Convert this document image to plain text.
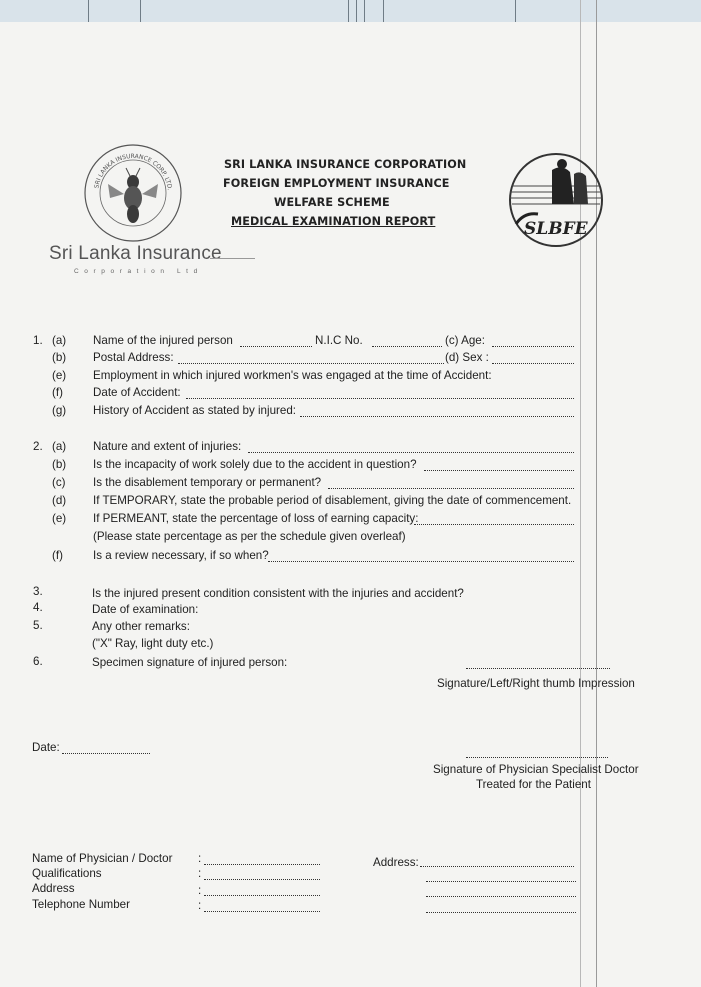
SRI LANKA INSURANCE CORP. LTD.
Sri Lanka Insurance
Corporation Ltd
SLBFE
SRI LANKA INSURANCE CORPORATION
FOREIGN EMPLOYMENT INSURANCE
WELFARE SCHEME
MEDICAL EXAMINATION REPORT
1. (a) Name of the injured person	N.I.C No.	(c) Age:
(b) Postal Address:	(d) Sex :
(e) Employment in which injured workmen's was engaged at the time of Accident:
(f)	Date of Accident:
(g) History of Accident as stated by injured:
2. (a) Nature and extent of injuries:
(b) Is the incapacity of work solely due to the accident in question?
(c) Is the disablement temporary or permanent?
(d) If TEMPORARY, state the probable period of disablement, giving the date of commencement.
(e) If PERMEANT, state the percentage of loss of earning capacity:
(Please state percentage as per the schedule given overleaf)
(f)	Is a review necessary, if so when?
3.	Is the injured present condition consistent with the injuries and accident?
4.	Date of examination:
5.	Any other remarks:
("X" Ray, light duty etc.)
6.	Specimen signature of injured person:
Signature/Left/Right thumb Impression
Date:
Signature of Physician Specialist Doctor
Treated for the Patient
Name of Physician / Doctor :	Address:
Qualifications	:
Address	:
Telephone Number	:
